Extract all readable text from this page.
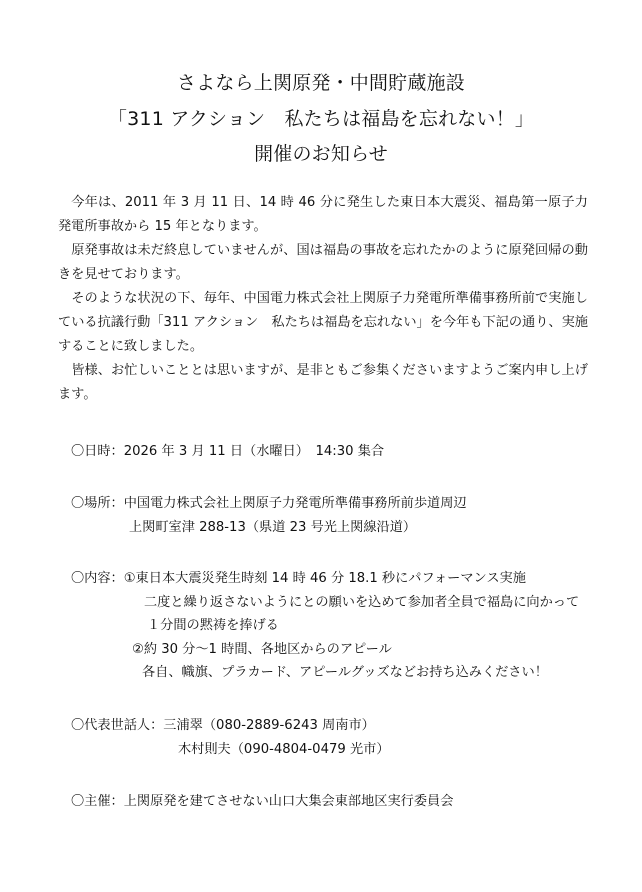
さよなら上関原発・中間貯蔵施設
「311 アクション　私たちは福島を忘れない！」
開催のお知らせ

今年は、2011 年 3 月 11 日、14 時 46 分に発生した東日本大震災、福島第一原子力発電所事故から 15 年となります。

原発事故は未だ終息していませんが、国は福島の事故を忘れたかのように原発回帰の動きを見せております。

そのような状況の下、毎年、中国電力株式会社上関原子力発電所準備事務所前で実施している抗議行動「311 アクション　私たちは福島を忘れない」を今年も下記の通り、実施することに致しました。

皆様、お忙しいこととは思いますが、是非ともご参集くださいますようご案内申し上げます。

〇日時：2026 年 3 月 11 日（水曜日）　14:30 集合
〇場所：中国電力株式会社上関原子力発電所準備事務所前歩道周辺
上関町室津 288-13（県道 23 号光上関線沿道）
〇内容：①東日本大震災発生時刻 14 時 46 分 18.1 秒にパフォーマンス実施
二度と繰り返さないようにとの願いを込めて参加者全員で福島に向かって
１分間の黙祷を捧げる
②約 30 分～1 時間、各地区からのアピール
各自、幟旗、プラカード、アピールグッズなどお持ち込みください！
〇代表世話人：三浦翠（080-2889-6243 周南市）
木村則夫（090-4804-0479 光市）
〇主催：上関原発を建てさせない山口大集会東部地区実行委員会
